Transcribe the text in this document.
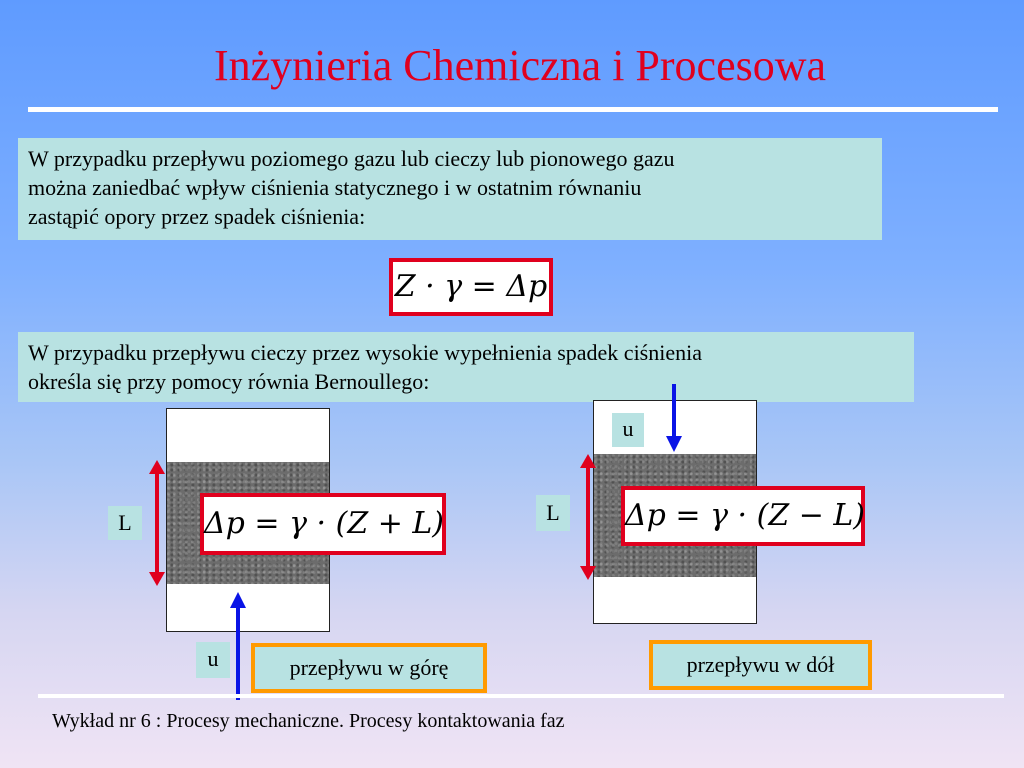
Inżynieria Chemiczna i Procesowa
W przypadku przepływu poziomego gazu lub cieczy lub pionowego gazu
można zaniedbać wpływ ciśnienia statycznego i w ostatnim równaniu
zastąpić opory przez spadek ciśnienia:
Z · γ = Δp
W przypadku przepływu cieczy przez wysokie wypełnienia spadek ciśnienia
określa się przy pomocy równia Bernoullego:
L	Δp = γ · (Z + L)
u	przepływu w górę
u
L	Δp = γ · (Z − L)
przepływu w dół
Wykład nr 6 : Procesy mechaniczne. Procesy kontaktowania faz
